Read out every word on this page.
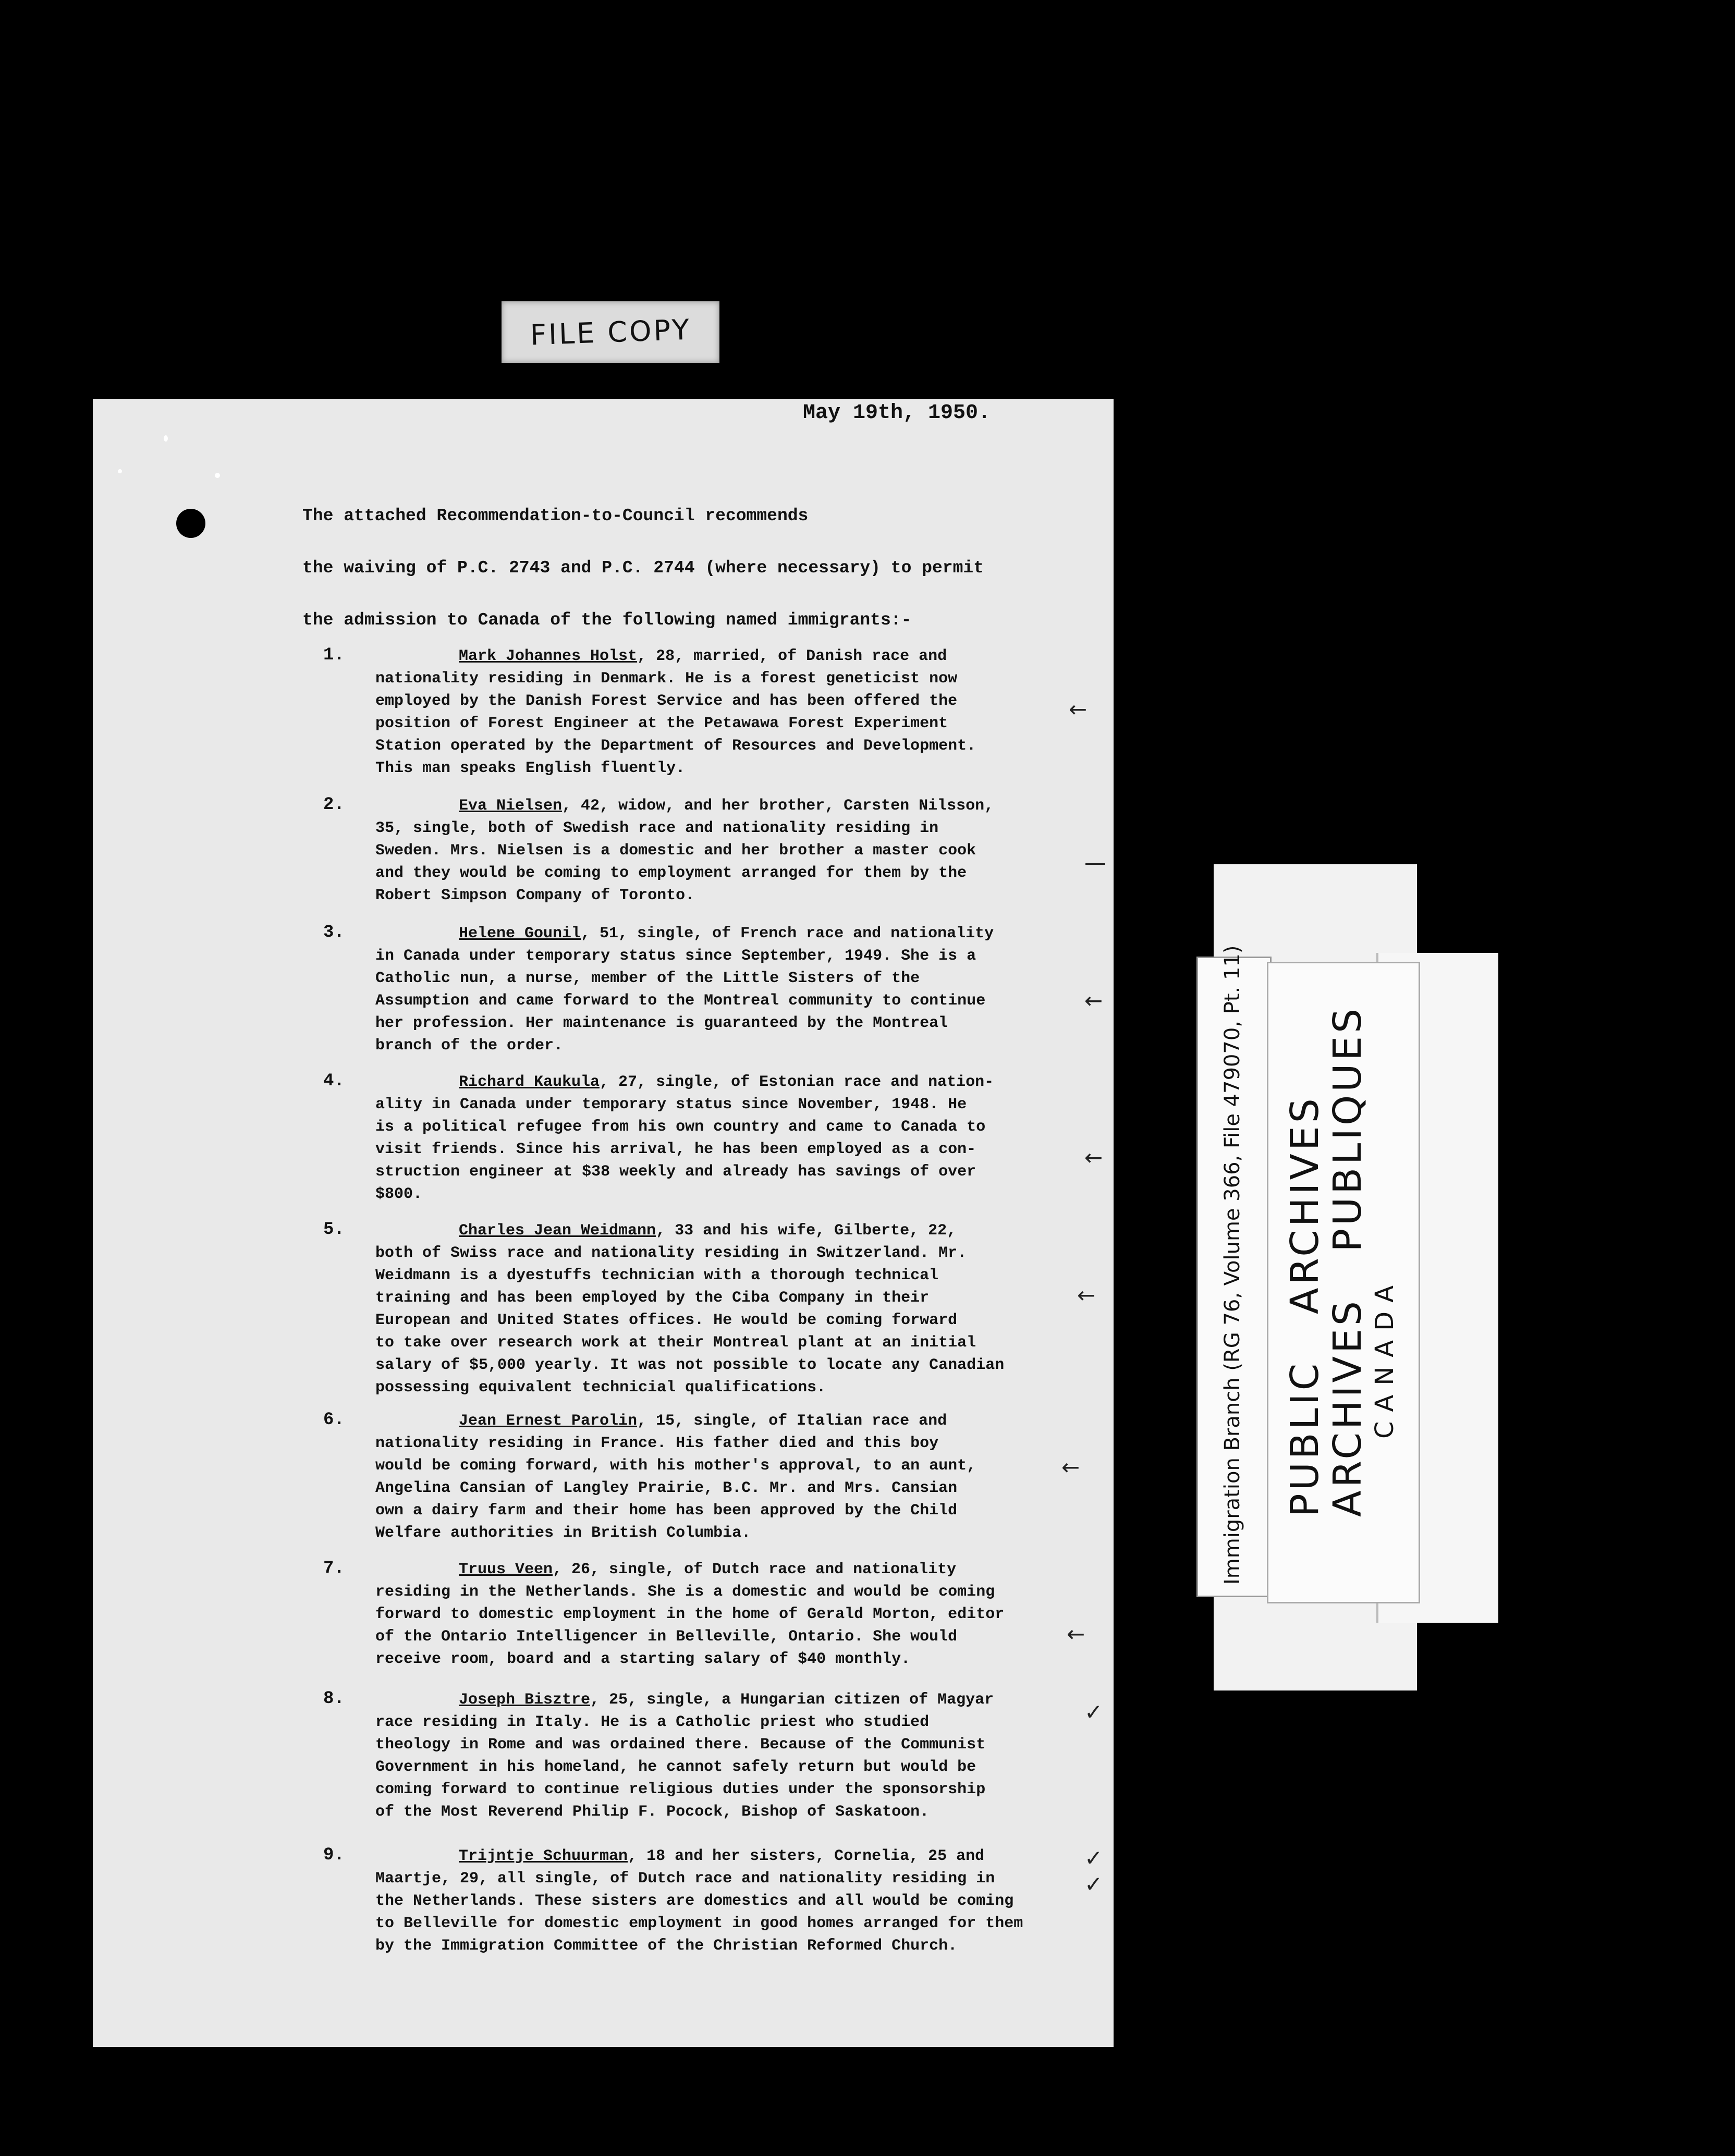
FILE COPY
May 19th, 1950.
The attached Recommendation-to-Council recommends
the waiving of P.C. 2743 and P.C. 2744 (where necessary) to permit
the admission to Canada of the following named immigrants:-
1.	Mark Johannes Holst, 28, married, of Danish race and
nationality residing in Denmark. He is a forest geneticist now
employed by the Danish Forest Service and has been offered the
position of Forest Engineer at the Petawawa Forest Experiment
Station operated by the Department of Resources and Development.
This man speaks English fluently.
2.	Eva Nielsen, 42, widow, and her brother, Carsten Nilsson,
35, single, both of Swedish race and nationality residing in
Sweden. Mrs. Nielsen is a domestic and her brother a master cook
and they would be coming to employment arranged for them by the
Robert Simpson Company of Toronto.
3.	Helene Gounil, 51, single, of French race and nationality
in Canada under temporary status since September, 1949. She is a
Catholic nun, a nurse, member of the Little Sisters of the
Assumption and came forward to the Montreal community to continue
her profession. Her maintenance is guaranteed by the Montreal
branch of the order.
4.	Richard Kaukula, 27, single, of Estonian race and nation-
ality in Canada under temporary status since November, 1948. He
is a political refugee from his own country and came to Canada to
visit friends. Since his arrival, he has been employed as a con-
struction engineer at $38 weekly and already has savings of over
$800.
5.	Charles Jean Weidmann, 33 and his wife, Gilberte, 22,
both of Swiss race and nationality residing in Switzerland. Mr.
Weidmann is a dyestuffs technician with a thorough technical
training and has been employed by the Ciba Company in their
European and United States offices. He would be coming forward
to take over research work at their Montreal plant at an initial
salary of $5,000 yearly. It was not possible to locate any Canadian
possessing equivalent technicial qualifications.
6.	Jean Ernest Parolin, 15, single, of Italian race and
nationality residing in France. His father died and this boy
would be coming forward, with his mother's approval, to an aunt,
Angelina Cansian of Langley Prairie, B.C. Mr. and Mrs. Cansian
own a dairy farm and their home has been approved by the Child
Welfare authorities in British Columbia.
7.	Truus Veen, 26, single, of Dutch race and nationality
residing in the Netherlands. She is a domestic and would be coming
forward to domestic employment in the home of Gerald Morton, editor
of the Ontario Intelligencer in Belleville, Ontario. She would
receive room, board and a starting salary of $40 monthly.
8.	Joseph Bisztre, 25, single, a Hungarian citizen of Magyar
race residing in Italy. He is a Catholic priest who studied
theology in Rome and was ordained there. Because of the Communist
Government in his homeland, he cannot safely return but would be
coming forward to continue religious duties under the sponsorship
of the Most Reverend Philip F. Pocock, Bishop of Saskatoon.
9.	Trijntje Schuurman, 18 and her sisters, Cornelia, 25 and
Maartje, 29, all single, of Dutch race and nationality residing in
the Netherlands. These sisters are domestics and all would be coming
to Belleville for domestic employment in good homes arranged for them
by the Immigration Committee of the Christian Reformed Church.
←
—
←
←
←
←
←
✓
✓
✓
Immigration Branch (RG 76, Volume 366, File 479070, Pt. 11) PUBLIC   ARCHIVES
ARCHIVES   PUBLIQUES CANADA
